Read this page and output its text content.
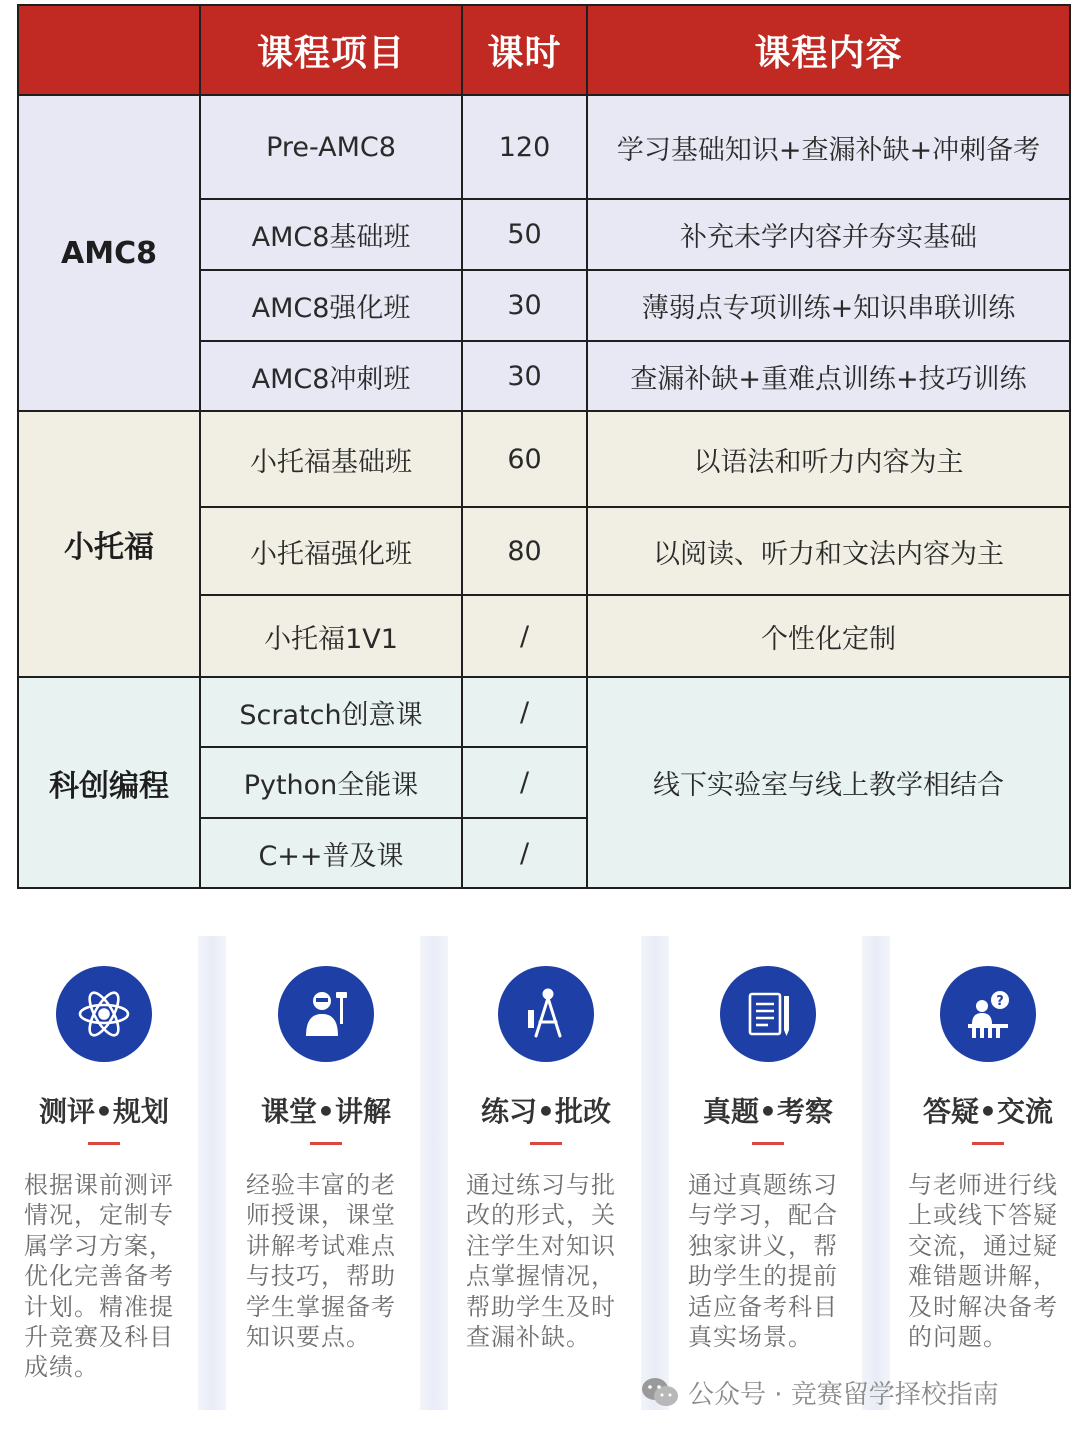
	课程项目	课时	课程内容
AMC8	Pre-AMC8	120	学习基础知识+查漏补缺+冲刺备考
	AMC8基础班	50	补充未学内容并夯实基础
	AMC8强化班	30	薄弱点专项训练+知识串联训练
	AMC8冲刺班	30	查漏补缺+重难点训练+技巧训练
小托福	小托福基础班	60	以语法和听力内容为主
	小托福强化班	80	以阅读、听力和文法内容为主
	小托福1V1	/	个性化定制
科创编程	Scratch创意课	/	线下实验室与线上教学相结合
	Python全能课	/	
	C++普及课	/	
测评•规划
根据课前测评情况，定制专属学习方案，优化完善备考计划。精准提升竞赛及科目成绩。
课堂•讲解
经验丰富的老师授课，课堂讲解考试难点与技巧，帮助学生掌握备考知识要点。
练习•批改
通过练习与批改的形式，关注学生对知识点掌握情况，帮助学生及时查漏补缺。
真题•考察
通过真题练习与学习，配合独家讲义，帮助学生的提前适应备考科目真实场景。
?
答疑•交流
与老师进行线上或线下答疑交流，通过疑难错题讲解，及时解决备考的问题。
公众号 · 竞赛留学择校指南
